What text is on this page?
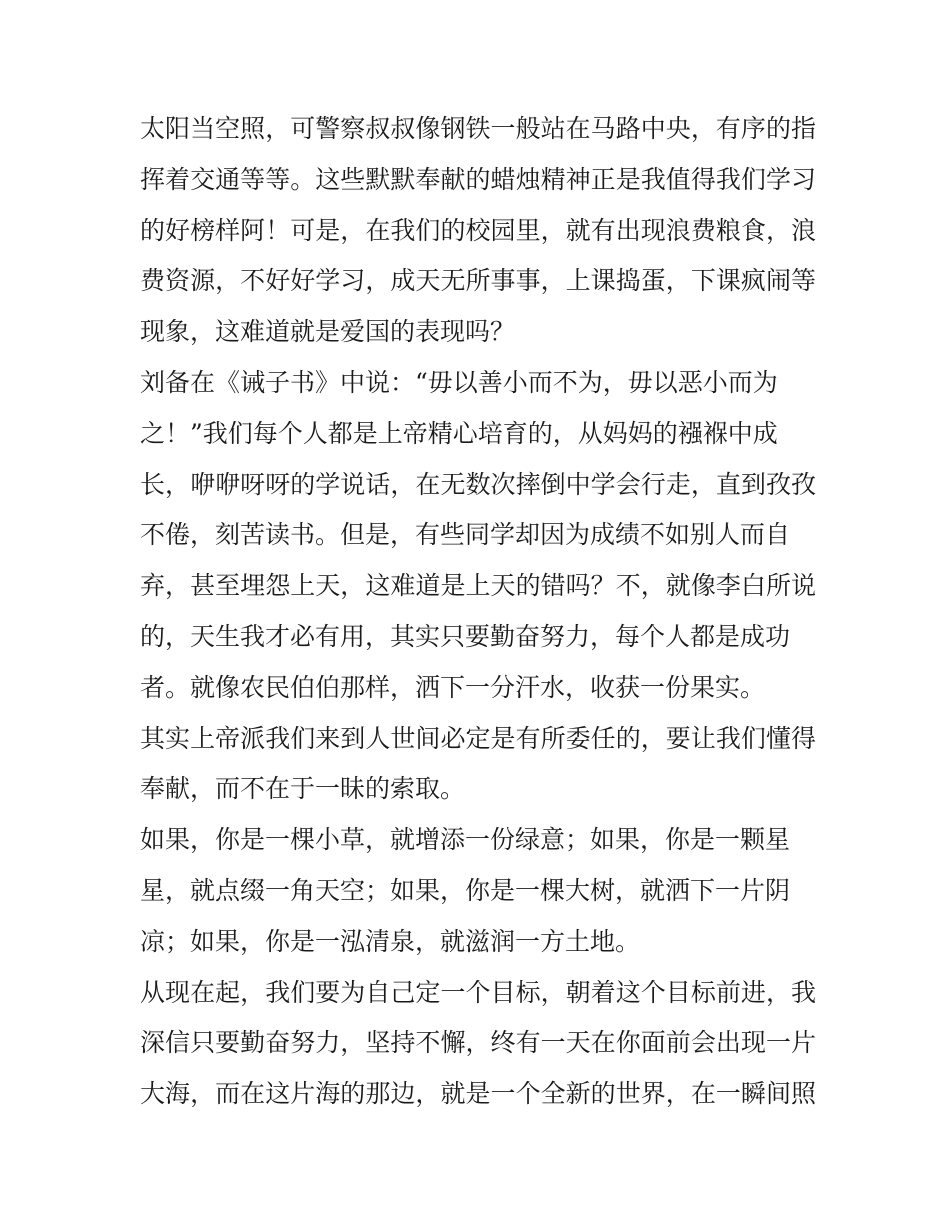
太阳当空照，可警察叔叔像钢铁一般站在马路中央，有序的指
挥着交通等等。这些默默奉献的蜡烛精神正是我值得我们学习
的好榜样阿！可是，在我们的校园里，就有出现浪费粮食，浪
费资源，不好好学习，成天无所事事，上课捣蛋，下课疯闹等
现象，这难道就是爱国的表现吗？
刘备在《诫子书》中说：“毋以善小而不为，毋以恶小而为
之！”我们每个人都是上帝精心培育的，从妈妈的襁褓中成
长，咿咿呀呀的学说话，在无数次摔倒中学会行走，直到孜孜
不倦，刻苦读书。但是，有些同学却因为成绩不如别人而自
弃，甚至埋怨上天，这难道是上天的错吗？不，就像李白所说
的，天生我才必有用，其实只要勤奋努力，每个人都是成功
者。就像农民伯伯那样，洒下一分汗水，收获一份果实。
其实上帝派我们来到人世间必定是有所委任的，要让我们懂得
奉献，而不在于一昧的索取。
如果，你是一棵小草，就增添一份绿意；如果，你是一颗星
星，就点缀一角天空；如果，你是一棵大树，就洒下一片阴
凉；如果，你是一泓清泉，就滋润一方土地。
从现在起，我们要为自己定一个目标，朝着这个目标前进，我
深信只要勤奋努力，坚持不懈，终有一天在你面前会出现一片
大海，而在这片海的那边，就是一个全新的世界，在一瞬间照
